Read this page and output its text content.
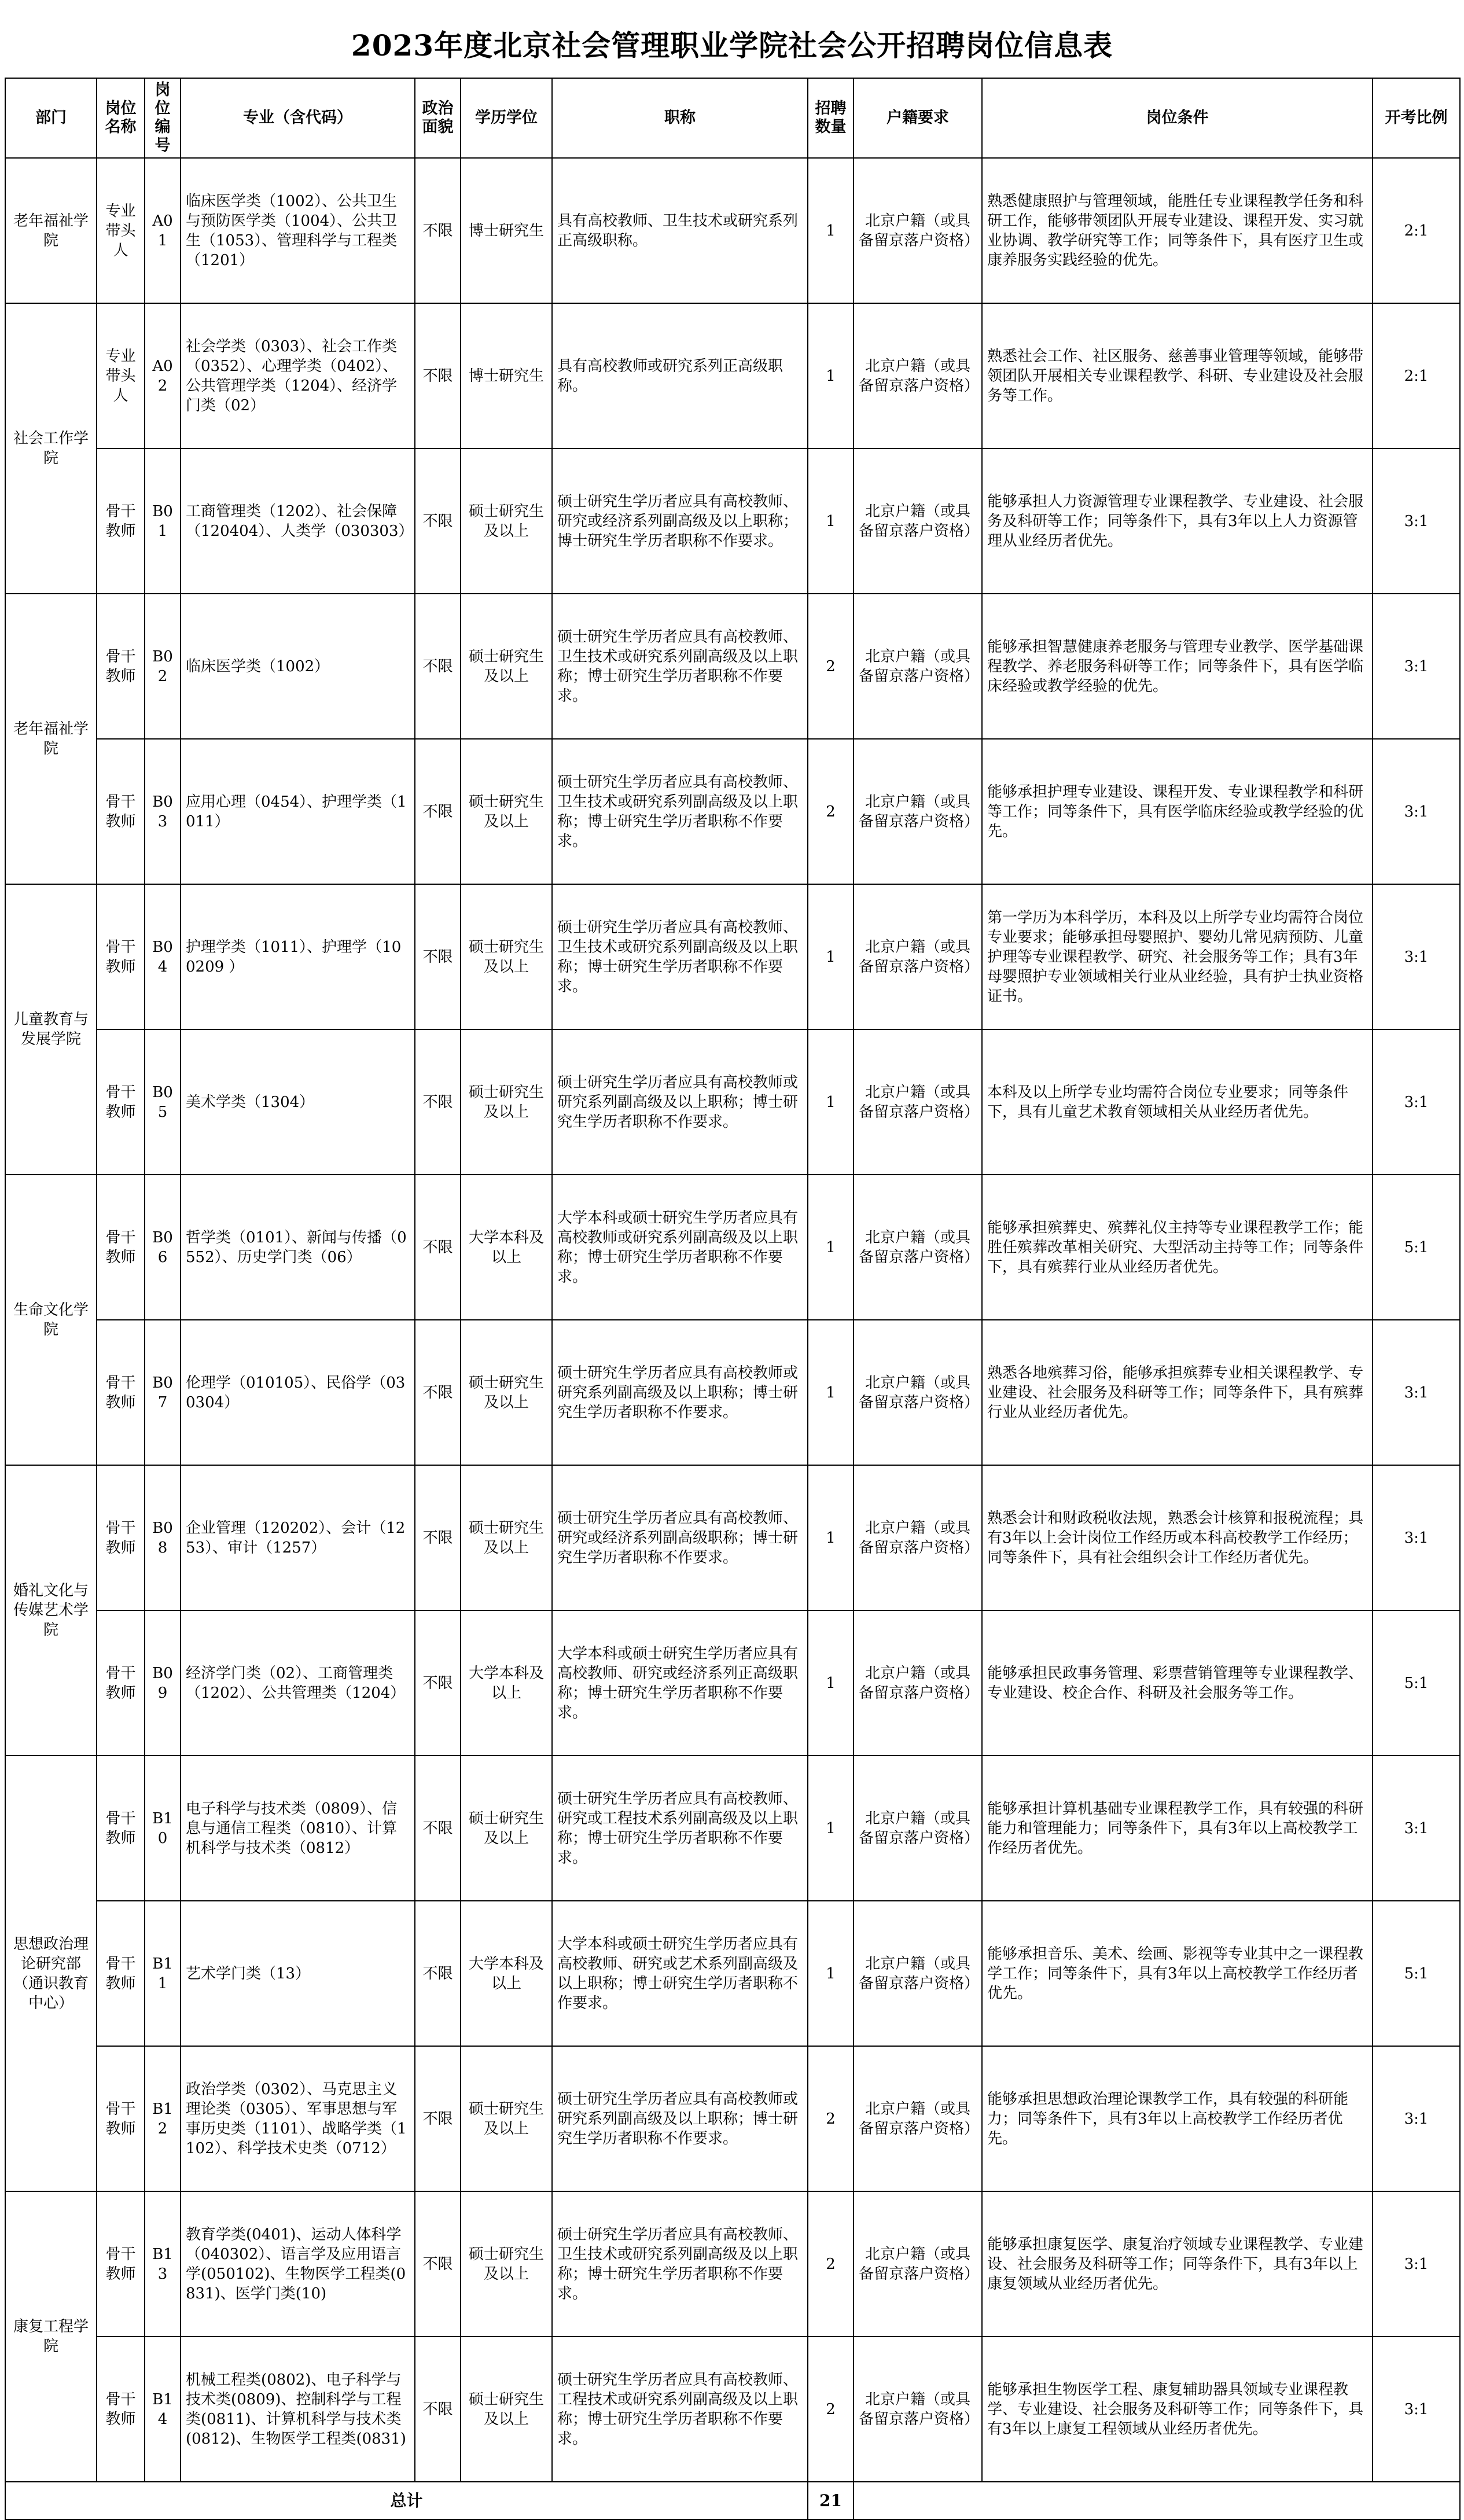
2023年度北京社会管理职业学院社会公开招聘岗位信息表
部门	岗位名称	岗位编号	专业（含代码）	政治面貌	学历学位	职称	招聘数量	户籍要求	岗位条件	开考比例
老年福祉学院	专业带头人	A01	临床医学类（1002）、公共卫生与预防医学类（1004）、公共卫生（1053）、管理科学与工程类（1201）	不限	博士研究生	具有高校教师、卫生技术或研究系列正高级职称。	1	北京户籍（或具备留京落户资格）	熟悉健康照护与管理领域，能胜任专业课程教学任务和科研工作，能够带领团队开展专业建设、课程开发、实习就业协调、教学研究等工作；同等条件下，具有医疗卫生或康养服务实践经验的优先。	2:1
社会工作学院	专业带头人	A02	社会学类（0303）、社会工作类（0352）、心理学类（0402）、公共管理学类（1204）、经济学门类（02）	不限	博士研究生	具有高校教师或研究系列正高级职称。	1	北京户籍（或具备留京落户资格）	熟悉社会工作、社区服务、慈善事业管理等领域，能够带领团队开展相关专业课程教学、科研、专业建设及社会服务等工作。	2:1
	骨干教师	B01	工商管理类（1202）、社会保障（120404）、人类学（030303）	不限	硕士研究生及以上	硕士研究生学历者应具有高校教师、研究或经济系列副高级及以上职称；博士研究生学历者职称不作要求。	1	北京户籍（或具备留京落户资格）	能够承担人力资源管理专业课程教学、专业建设、社会服务及科研等工作；同等条件下，具有3年以上人力资源管理从业经历者优先。	3:1
老年福祉学院	骨干教师	B02	临床医学类（1002）	不限	硕士研究生及以上	硕士研究生学历者应具有高校教师、卫生技术或研究系列副高级及以上职称；博士研究生学历者职称不作要求。	2	北京户籍（或具备留京落户资格）	能够承担智慧健康养老服务与管理专业教学、医学基础课程教学、养老服务科研等工作；同等条件下，具有医学临床经验或教学经验的优先。	3:1
	骨干教师	B03	应用心理（0454）、护理学类（1011）	不限	硕士研究生及以上	硕士研究生学历者应具有高校教师、卫生技术或研究系列副高级及以上职称；博士研究生学历者职称不作要求。	2	北京户籍（或具备留京落户资格）	能够承担护理专业建设、课程开发、专业课程教学和科研等工作；同等条件下，具有医学临床经验或教学经验的优先。	3:1
儿童教育与发展学院	骨干教师	B04	护理学类（1011）、护理学（100209 ）	不限	硕士研究生及以上	硕士研究生学历者应具有高校教师、卫生技术或研究系列副高级及以上职称；博士研究生学历者职称不作要求。	1	北京户籍（或具备留京落户资格）	第一学历为本科学历，本科及以上所学专业均需符合岗位专业要求；能够承担母婴照护、婴幼儿常见病预防、儿童护理等专业课程教学、研究、社会服务等工作；具有3年母婴照护专业领域相关行业从业经验，具有护士执业资格证书。	3:1
	骨干教师	B05	美术学类（1304）	不限	硕士研究生及以上	硕士研究生学历者应具有高校教师或研究系列副高级及以上职称；博士研究生学历者职称不作要求。	1	北京户籍（或具备留京落户资格）	本科及以上所学专业均需符合岗位专业要求；同等条件下，具有儿童艺术教育领域相关从业经历者优先。	3:1
生命文化学院	骨干教师	B06	哲学类（0101）、新闻与传播（0552）、历史学门类（06）	不限	大学本科及以上	大学本科或硕士研究生学历者应具有高校教师或研究系列副高级及以上职称；博士研究生学历者职称不作要求。	1	北京户籍（或具备留京落户资格）	能够承担殡葬史、殡葬礼仪主持等专业课程教学工作；能胜任殡葬改革相关研究、大型活动主持等工作；同等条件下，具有殡葬行业从业经历者优先。	5:1
	骨干教师	B07	伦理学（010105）、民俗学（030304）	不限	硕士研究生及以上	硕士研究生学历者应具有高校教师或研究系列副高级及以上职称；博士研究生学历者职称不作要求。	1	北京户籍（或具备留京落户资格）	熟悉各地殡葬习俗，能够承担殡葬专业相关课程教学、专业建设、社会服务及科研等工作；同等条件下，具有殡葬行业从业经历者优先。	3:1
婚礼文化与传媒艺术学院	骨干教师	B08	企业管理（120202）、会计（1253）、审计（1257）	不限	硕士研究生及以上	硕士研究生学历者应具有高校教师、研究或经济系列副高级职称；博士研究生学历者职称不作要求。	1	北京户籍（或具备留京落户资格）	熟悉会计和财政税收法规，熟悉会计核算和报税流程；具有3年以上会计岗位工作经历或本科高校教学工作经历；同等条件下，具有社会组织会计工作经历者优先。	3:1
	骨干教师	B09	经济学门类（02）、工商管理类（1202）、公共管理类（1204）	不限	大学本科及以上	大学本科或硕士研究生学历者应具有高校教师、研究或经济系列正高级职称；博士研究生学历者职称不作要求。	1	北京户籍（或具备留京落户资格）	能够承担民政事务管理、彩票营销管理等专业课程教学、专业建设、校企合作、科研及社会服务等工作。	5:1
思想政治理论研究部（通识教育中心）	骨干教师	B10	电子科学与技术类（0809）、信息与通信工程类（0810）、计算机科学与技术类（0812）	不限	硕士研究生及以上	硕士研究生学历者应具有高校教师、研究或工程技术系列副高级及以上职称；博士研究生学历者职称不作要求。	1	北京户籍（或具备留京落户资格）	能够承担计算机基础专业课程教学工作，具有较强的科研能力和管理能力；同等条件下，具有3年以上高校教学工作经历者优先。	3:1
	骨干教师	B11	艺术学门类（13）	不限	大学本科及以上	大学本科或硕士研究生学历者应具有高校教师、研究或艺术系列副高级及以上职称；博士研究生学历者职称不作要求。	1	北京户籍（或具备留京落户资格）	能够承担音乐、美术、绘画、影视等专业其中之一课程教学工作；同等条件下，具有3年以上高校教学工作经历者优先。	5:1
	骨干教师	B12	政治学类（0302）、马克思主义理论类（0305）、军事思想与军事历史类（1101）、战略学类（1102）、科学技术史类（0712）	不限	硕士研究生及以上	硕士研究生学历者应具有高校教师或研究系列副高级及以上职称；博士研究生学历者职称不作要求。	2	北京户籍（或具备留京落户资格）	能够承担思想政治理论课教学工作，具有较强的科研能力；同等条件下，具有3年以上高校教学工作经历者优先。	3:1
康复工程学院	骨干教师	B13	教育学类(0401)、运动人体科学（040302）、语言学及应用语言学(050102)、生物医学工程类(0831)、医学门类(10)	不限	硕士研究生及以上	硕士研究生学历者应具有高校教师、卫生技术或研究系列副高级及以上职称；博士研究生学历者职称不作要求。	2	北京户籍（或具备留京落户资格）	能够承担康复医学、康复治疗领域专业课程教学、专业建设、社会服务及科研等工作；同等条件下，具有3年以上康复领域从业经历者优先。	3:1
	骨干教师	B14	机械工程类(0802)、电子科学与技术类(0809)、控制科学与工程类(0811)、计算机科学与技术类(0812)、生物医学工程类(0831)	不限	硕士研究生及以上	硕士研究生学历者应具有高校教师、工程技术或研究系列副高级及以上职称；博士研究生学历者职称不作要求。	2	北京户籍（或具备留京落户资格）	能够承担生物医学工程、康复辅助器具领域专业课程教学、专业建设、社会服务及科研等工作；同等条件下，具有3年以上康复工程领域从业经历者优先。	3:1
总计							21			
